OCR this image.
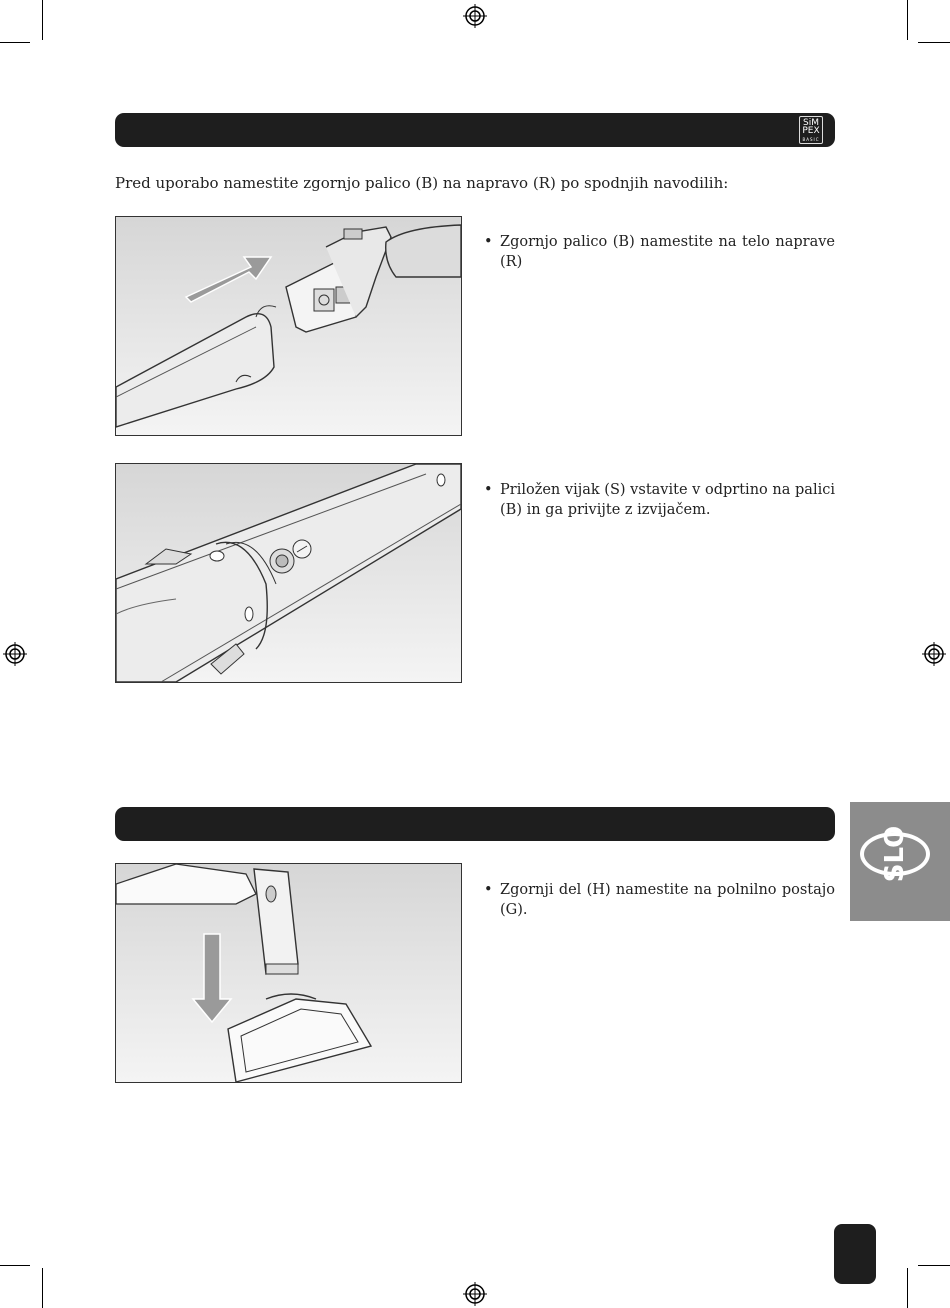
SiM
PEX
BASIC
Pred uporabo namestite zgornjo palico (B) na napravo (R) po spodnjih navodilih:
• Zgornjo palico (B) namestite na telo naprave (R)
• Priložen vijak (S) vstavite v odprtino na palici (B) in ga privijte z izvijačem.
SLO
• Zgornji del (H) namestite na polnilno postajo (G).
